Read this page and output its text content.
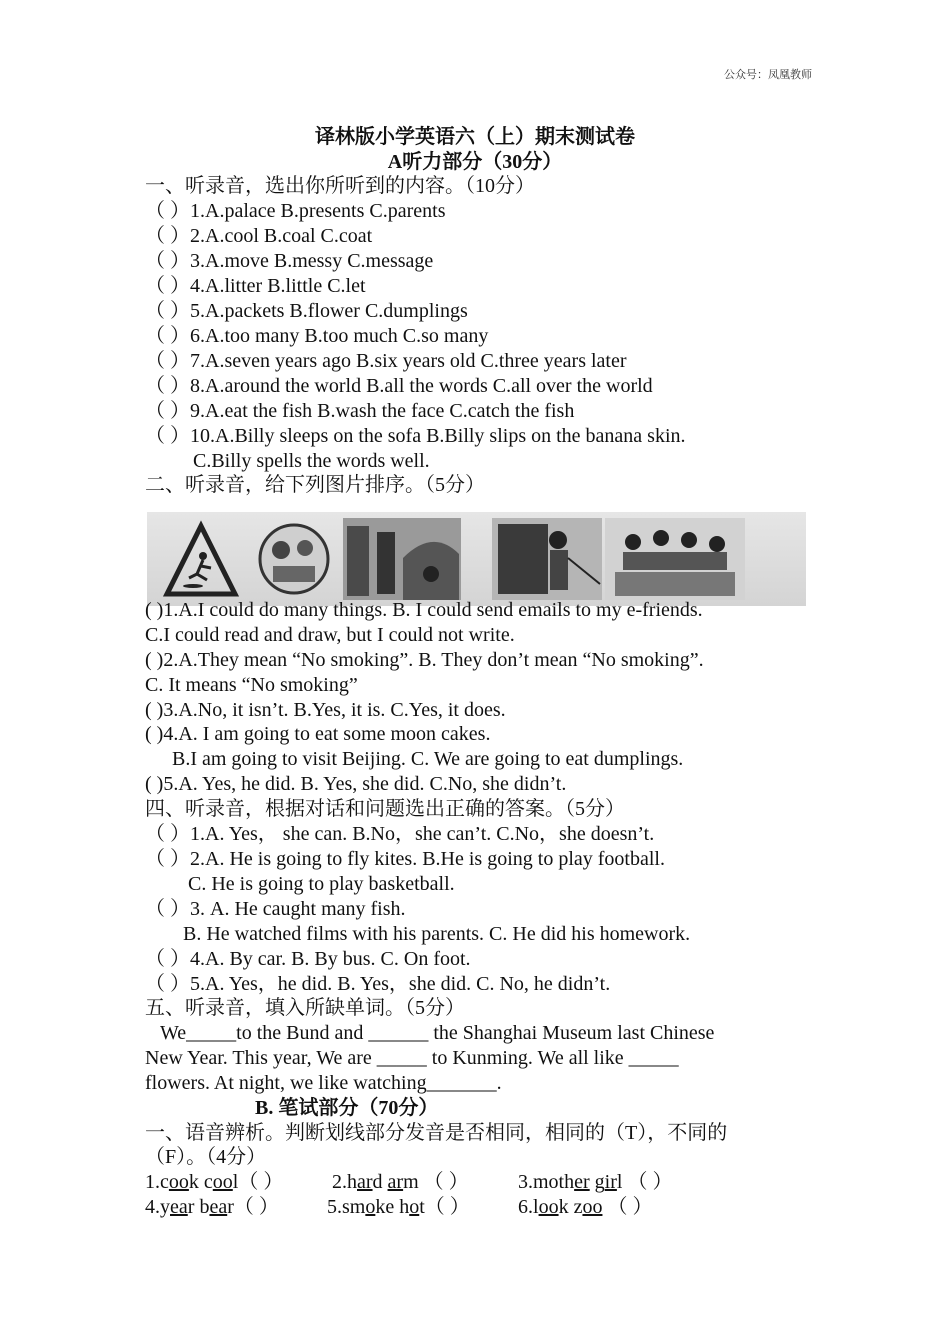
公众号：凤凰教师
译林版小学英语六（上）期末测试卷
A听力部分（30分）
一、听录音，选出你所听到的内容。（10分）
（ ）1.A.palace B.presents C.parents
（ ）2.A.cool B.coal C.coat
（ ）3.A.move B.messy C.message
（ ）4.A.litter B.little C.let
（ ）5.A.packets B.flower C.dumplings
（ ）6.A.too many B.too much C.so many
（ ）7.A.seven years ago B.six years old C.three years later
（ ）8.A.around the world B.all the words C.all over the world
（ ）9.A.eat the fish B.wash the face C.catch the fish
（ ）10.A.Billy sleeps on the sofa B.Billy slips on the banana skin.
C.Billy spells the words well.
二、听录音，给下列图片排序。（5分）
( )1.A.I could do many things. B. I could send emails to my e-friends.
C.I could read and draw, but I could not write.
( )2.A.They mean “No smoking”. B. They don’t mean “No smoking”.
C. It means “No smoking”
( )3.A.No, it isn’t. B.Yes, it is. C.Yes, it does.
( )4.A. I am going to eat some moon cakes.
B.I am going to visit Beijing. C. We are going to eat dumplings.
( )5.A. Yes, he did. B. Yes, she did. C.No, she didn’t.
四、听录音，根据对话和问题选出正确的答案。（5分）
（ ）1.A. Yes， she can. B.No，she can’t. C.No，she doesn’t.
（ ）2.A. He is going to fly kites. B.He is going to play football.
C. He is going to play basketball.
（ ）3. A. He caught many fish.
B. He watched films with his parents. C. He did his homework.
（ ）4.A. By car. B. By bus. C. On foot.
（ ）5.A. Yes，he did. B. Yes，she did. C. No, he didn’t.
五、听录音，填入所缺单词。（5分）
We_____to the Bund and ______ the Shanghai Museum last Chinese
New Year. This year, We are _____ to Kunming. We all like _____
flowers. At night, we like watching_______.
B. 笔试部分（70分）
一、语音辨析。判断划线部分发音是否相同，相同的（T），不同的
（F）。（4分）
1.cook cool（ ） 2.hard arm （ ） 3.mother girl （ ）
4.year bear（ ） 5.smoke hot（ ） 6.look zoo （ ）
